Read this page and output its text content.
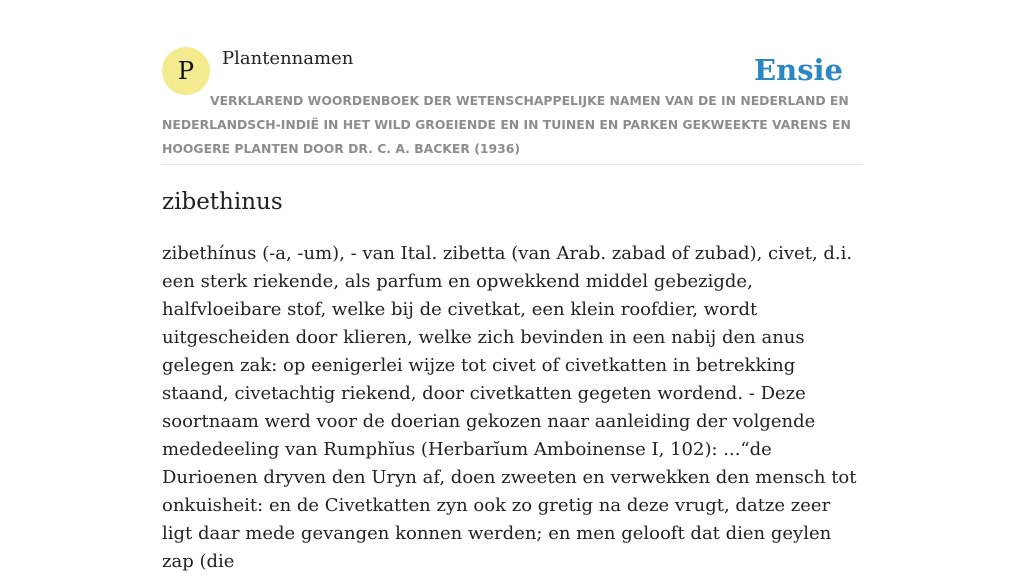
P	Plantennamen	Ensie

VERKLAREND WOORDENBOEK DER WETENSCHAPPELIJKE NAMEN VAN DE IN NEDERLAND EN NEDERLANDSCH-INDIË IN HET WILD GROEIENDE EN IN TUINEN EN PARKEN GEKWEEKTE VARENS EN HOOGERE PLANTEN DOOR DR. C. A. BACKER (1936)

zibethinus

zibethínus (-a, -um), - van Ital. zibetta (van Arab. zabad of zubad), civet, d.i. een sterk riekende, als parfum en opwekkend middel gebezigde, halfvloeibare stof, welke bij de civetkat, een klein roofdier, wordt uitgescheiden door klieren, welke zich bevinden in een nabij den anus gelegen zak: op eenigerlei wijze tot civet of civetkatten in betrekking staand, civetachtig riekend, door civetkatten gegeten wordend. - Deze soortnaam werd voor de doerian gekozen naar aanleiding der volgende mededeeling van Rumphĭus (Herbarĭum Amboinense I, 102): ...“de Durioenen dryven den Uryn af, doen zweeten en verwekken den mensch tot onkuisheit: en de Civetkatten zyn ook zo gretig na deze vrugt, datze zeer ligt daar mede gevangen konnen werden; en men gelooft dat dien geylen zap (die
